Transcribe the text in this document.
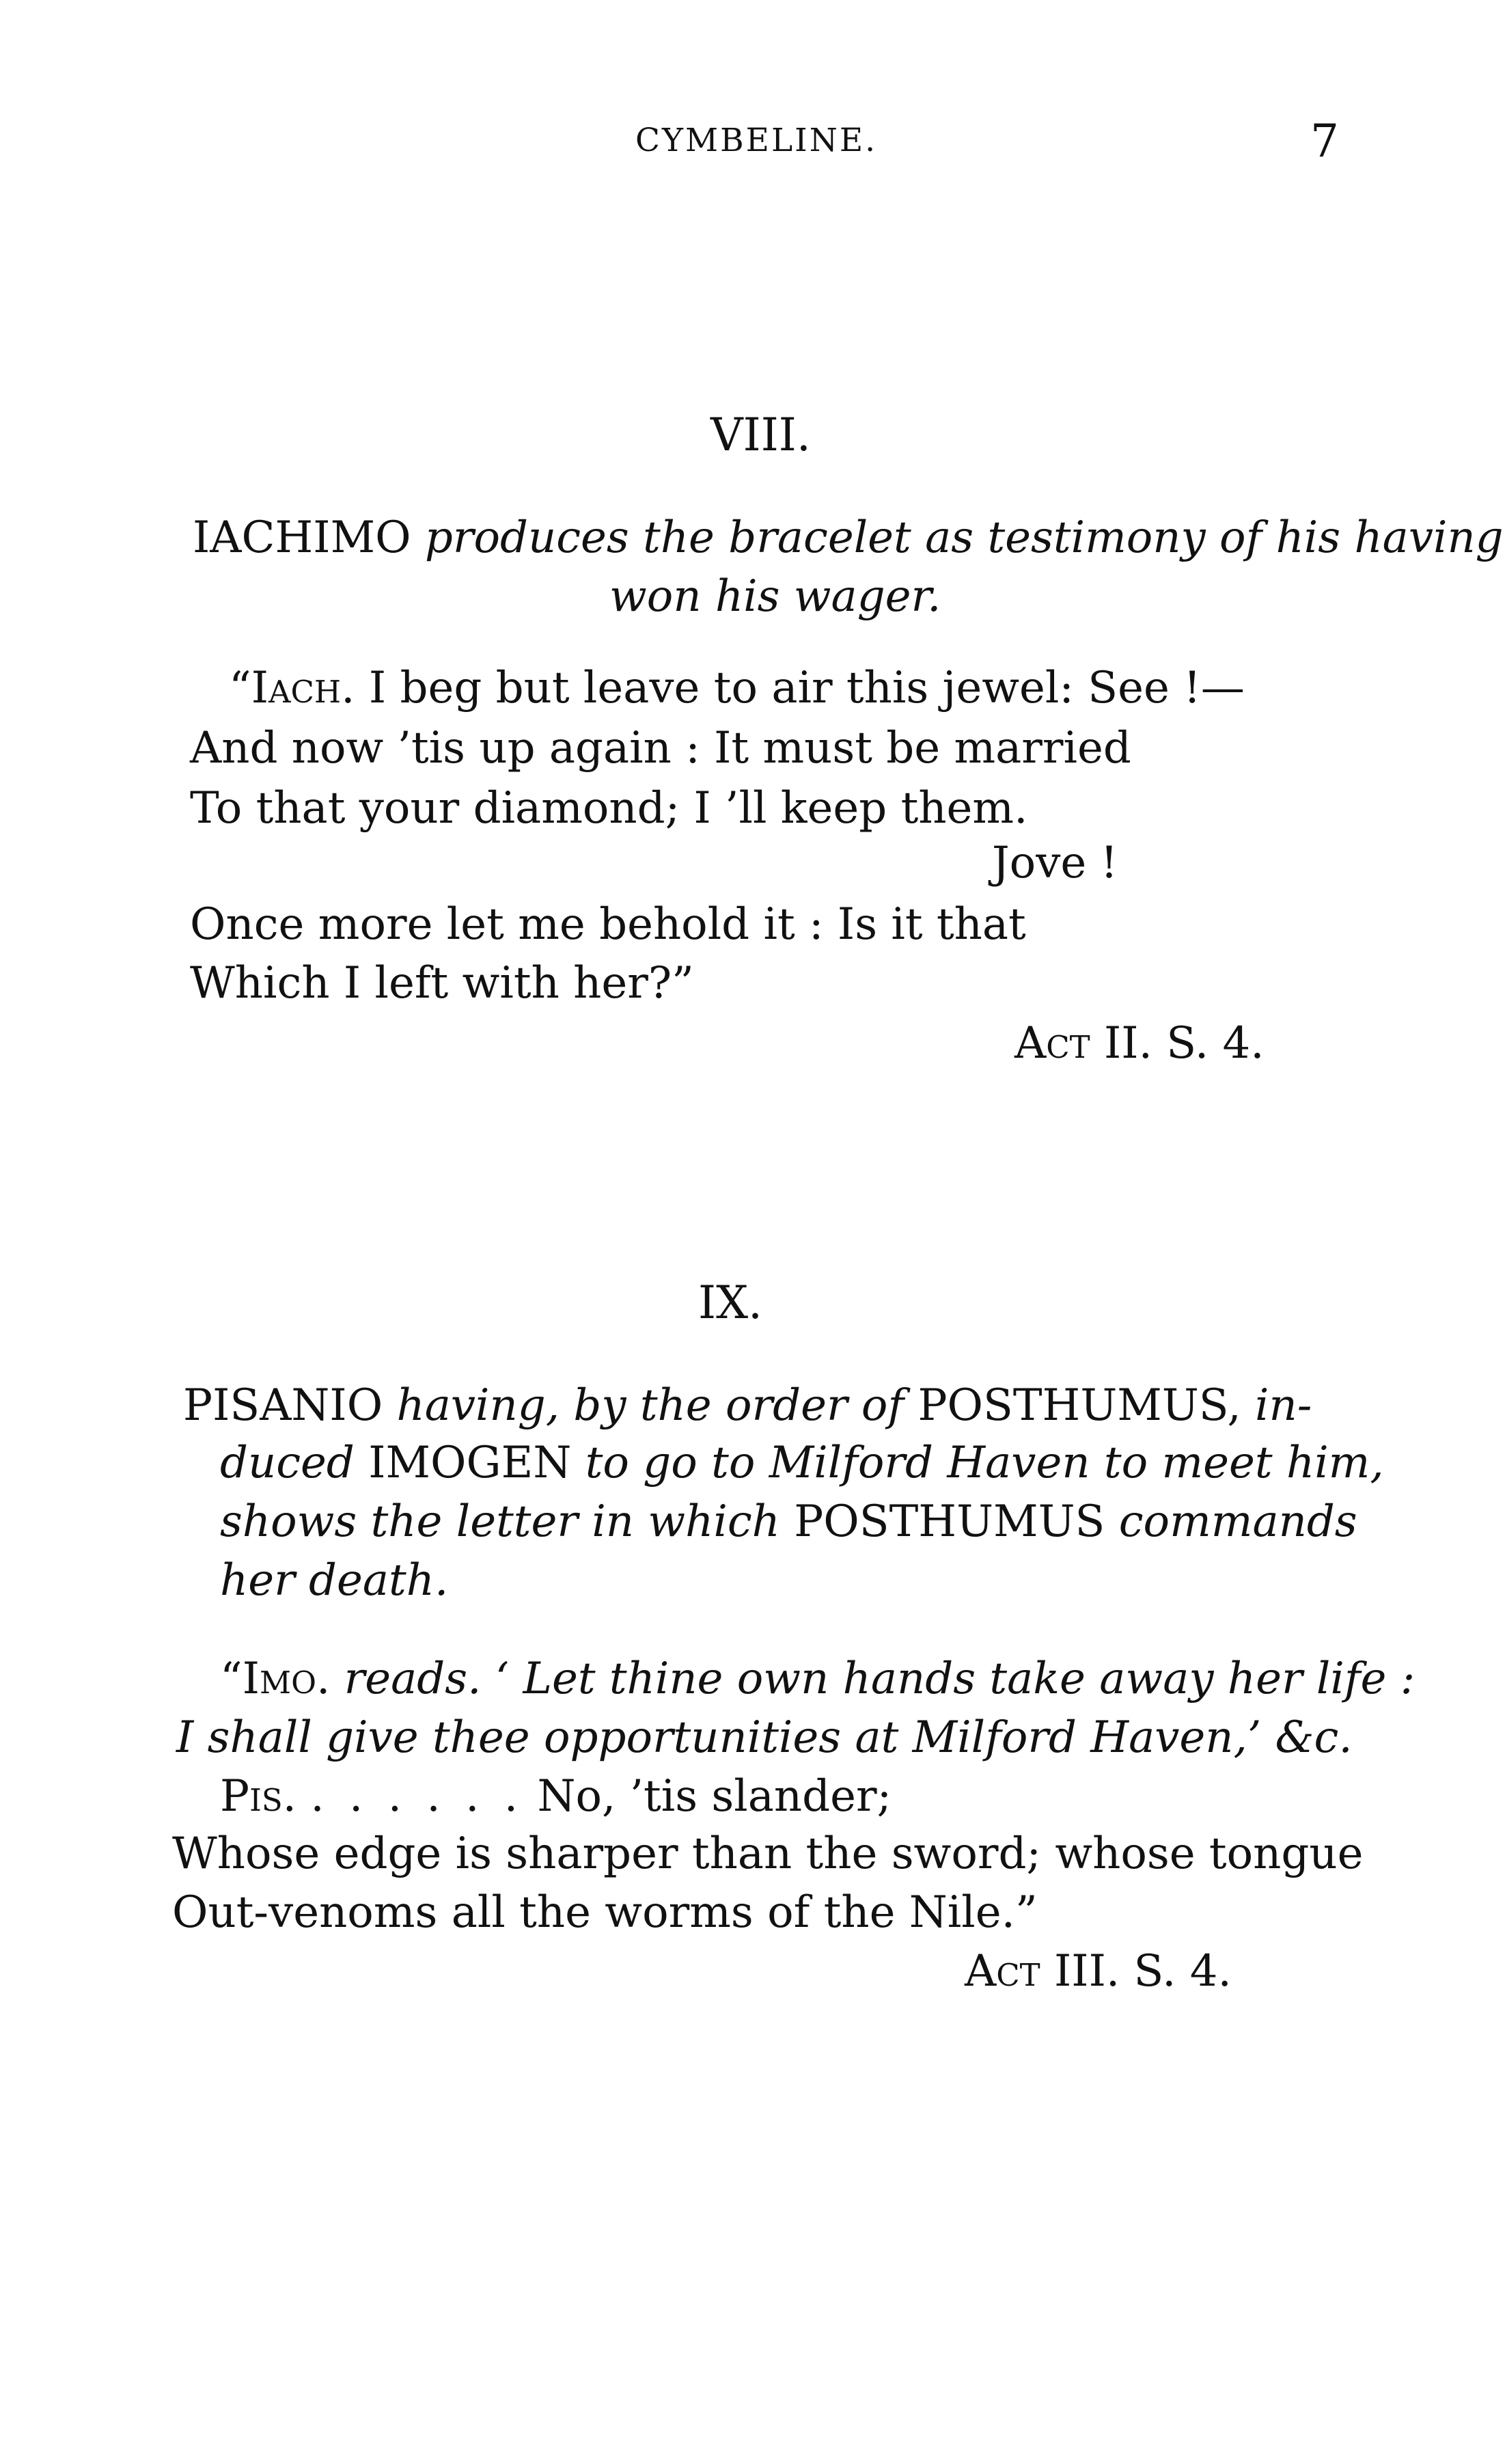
CYMBELINE.	7
VIII.
IACHIMO produces the bracelet as testimony of his having
won his wager.
“Iach. I beg but leave to air this jewel: See !—
And now ’tis up again : It must be married
To that your diamond; I ’ll keep them.
Jove !
Once more let me behold it : Is it that
Which I left with her?”
Act II. S. 4.
IX.
PISANIO having, by the order of POSTHUMUS, in-
duced IMOGEN to go to Milford Haven to meet him,
shows the letter in which POSTHUMUS commands
her death.
“Imo. reads. ‘ Let thine own hands take away her life :
I shall give thee opportunities at Milford Haven,’ &c.
Pis. . . . . . . No, ’tis slander;
Whose edge is sharper than the sword; whose tongue
Out-venoms all the worms of the Nile.”
Act III. S. 4.
